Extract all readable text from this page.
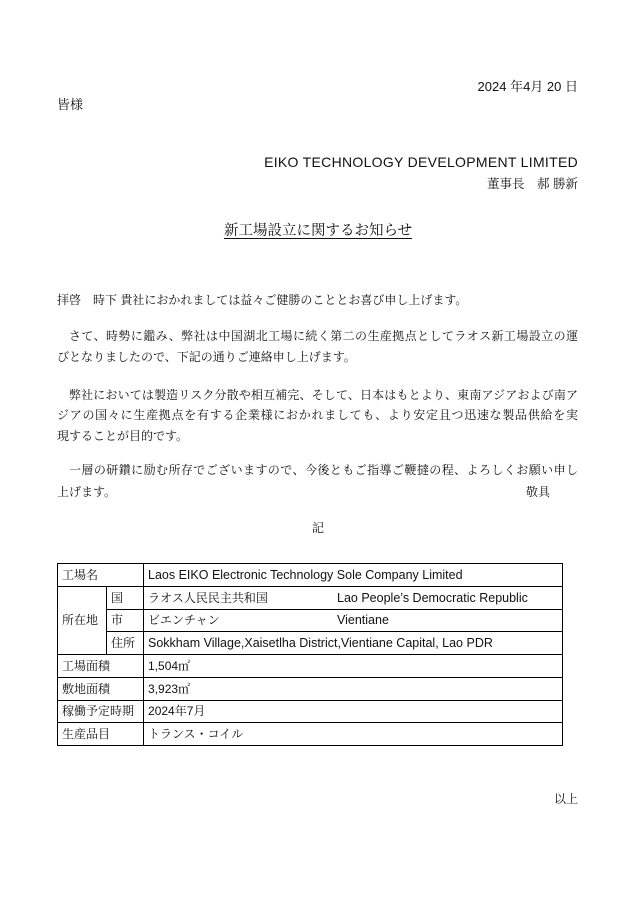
2024 年4月 20 日
皆様
EIKO TECHNOLOGY DEVELOPMENT LIMITED
董事長　郝 勝新
新工場設立に関するお知らせ
拝啓　時下 貴社におかれましては益々ご健勝のこととお喜び申し上げます。
さて、時勢に鑑み、弊社は中国湖北工場に続く第二の生産拠点としてラオス新工場設立の運
びとなりましたので、下記の通りご連絡申し上げます。
弊社においては製造リスク分散や相互補完、そして、日本はもとより、東南アジアおよび南ア
ジアの国々に生産拠点を有する企業様におかれましても、より安定且つ迅速な製品供給を実
現することが目的です。
一層の研鑽に励む所存でございますので、今後ともご指導ご鞭撻の程、よろしくお願い申し
上げます。	敬具
記
工場名		Laos EIKO Electronic Technology Sole Company Limited
所在地	国	ラオス人民民主共和国 Lao People’s Democratic Republic
	市	ビエンチャン Vientiane
	住所	Sokkham Village,Xaisetlha District,Vientiane Capital, Lao PDR
工場面積		1,504㎡
敷地面積		3,923㎡
稼働予定時期		2024年7月
生産品目		トランス・コイル
以上
